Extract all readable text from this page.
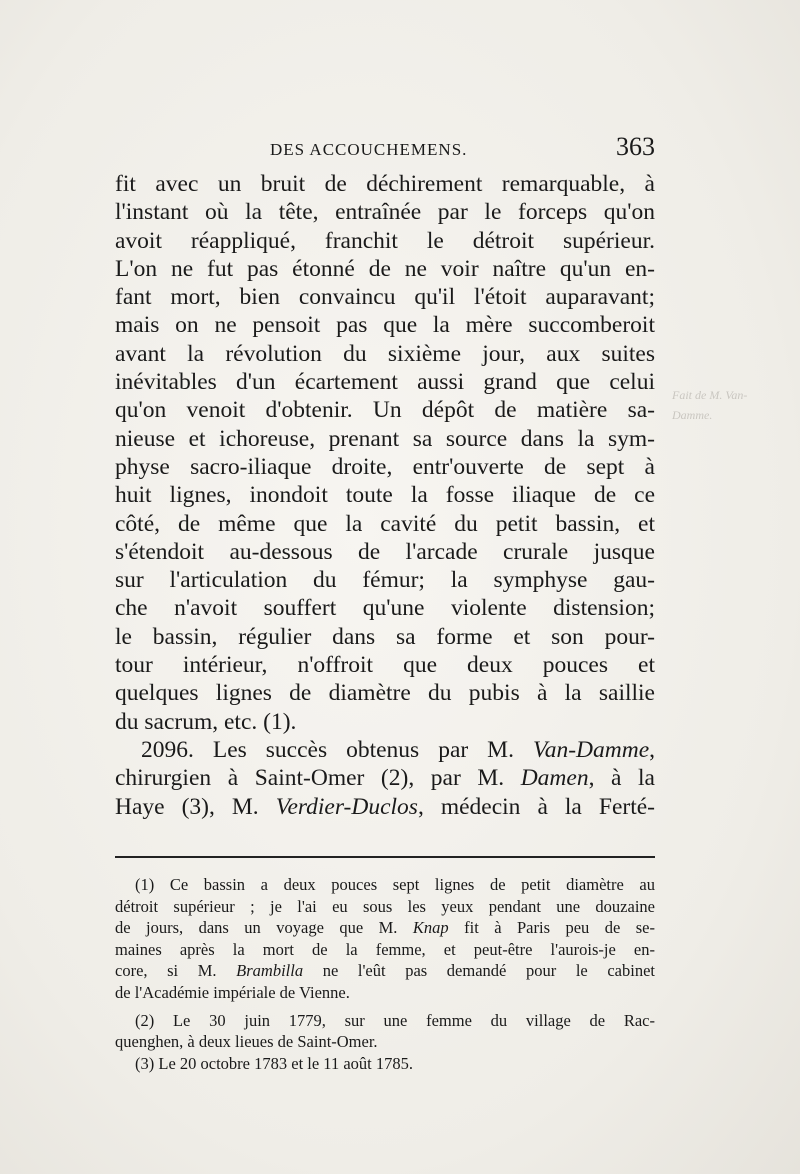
DES ACCOUCHEMENS.	363
fit avec un bruit de déchirement remarquable, à
l'instant où la tête, entraînée par le forceps qu'on
avoit réappliqué, franchit le détroit supérieur.
L'on ne fut pas étonné de ne voir naître qu'un en-
fant mort, bien convaincu qu'il l'étoit auparavant;
mais on ne pensoit pas que la mère succomberoit
avant la révolution du sixième jour, aux suites
inévitables d'un écartement aussi grand que celui
qu'on venoit d'obtenir. Un dépôt de matière sa-
nieuse et ichoreuse, prenant sa source dans la sym-
physe sacro-iliaque droite, entr'ouverte de sept à
huit lignes, inondoit toute la fosse iliaque de ce
côté, de même que la cavité du petit bassin, et
s'étendoit au-dessous de l'arcade crurale jusque
sur l'articulation du fémur; la symphyse gau-
che n'avoit souffert qu'une violente distension;
le bassin, régulier dans sa forme et son pour-
tour intérieur, n'offroit que deux pouces et
quelques lignes de diamètre du pubis à la saillie
du sacrum, etc. (1).
2096. Les succès obtenus par M. Van-Damme,
chirurgien à Saint-Omer (2), par M. Damen, à la
Haye (3), M. Verdier-Duclos, médecin à la Ferté-
Fait de M. Van-Damme.
(1) Ce bassin a deux pouces sept lignes de petit diamètre au
détroit supérieur ; je l'ai eu sous les yeux pendant une douzaine
de jours, dans un voyage que M. Knap fit à Paris peu de se-
maines après la mort de la femme, et peut-être l'aurois-je en-
core, si M. Brambilla ne l'eût pas demandé pour le cabinet
de l'Académie impériale de Vienne.
(2) Le 30 juin 1779, sur une femme du village de Rac-
quenghen, à deux lieues de Saint-Omer.
(3) Le 20 octobre 1783 et le 11 août 1785.
